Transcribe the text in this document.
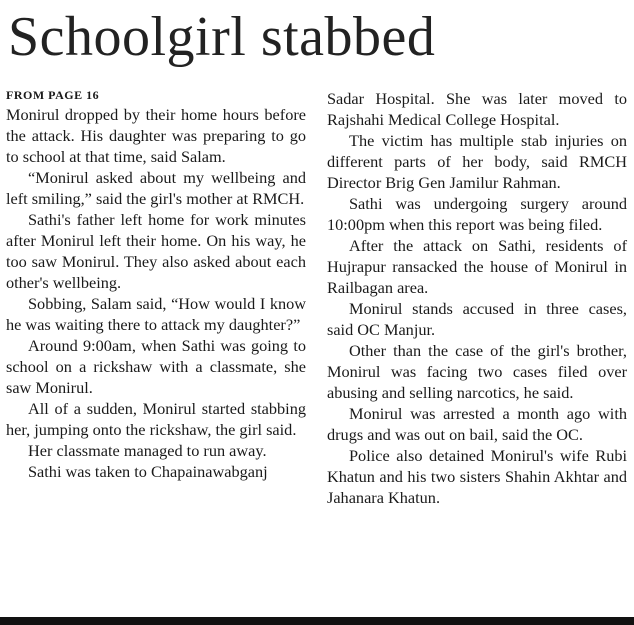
Schoolgirl stabbed
FROM PAGE 16

Monirul dropped by their home hours before the attack. His daughter was preparing to go to school at that time, said Salam.

“Monirul asked about my wellbeing and left smiling,” said the girl's mother at RMCH.

Sathi's father left home for work minutes after Monirul left their home. On his way, he too saw Monirul. They also asked about each other's wellbeing.

Sobbing, Salam said, “How would I know he was waiting there to attack my daughter?”

Around 9:00am, when Sathi was going to school on a rickshaw with a classmate, she saw Monirul.

All of a sudden, Monirul started stabbing her, jumping onto the rickshaw, the girl said.

Her classmate managed to run away.

Sathi was taken to Chapainawabganj

Sadar Hospital. She was later moved to Rajshahi Medical College Hospital.

The victim has multiple stab injuries on different parts of her body, said RMCH Director Brig Gen Jamilur Rahman.

Sathi was undergoing surgery around 10:00pm when this report was being filed.

After the attack on Sathi, residents of Hujrapur ransacked the house of Monirul in Railbagan area.

Monirul stands accused in three cases, said OC Manjur.

Other than the case of the girl's brother, Monirul was facing two cases filed over abusing and selling narcotics, he said.

Monirul was arrested a month ago with drugs and was out on bail, said the OC.

Police also detained Monirul's wife Rubi Khatun and his two sisters Shahin Akhtar and Jahanara Khatun.
